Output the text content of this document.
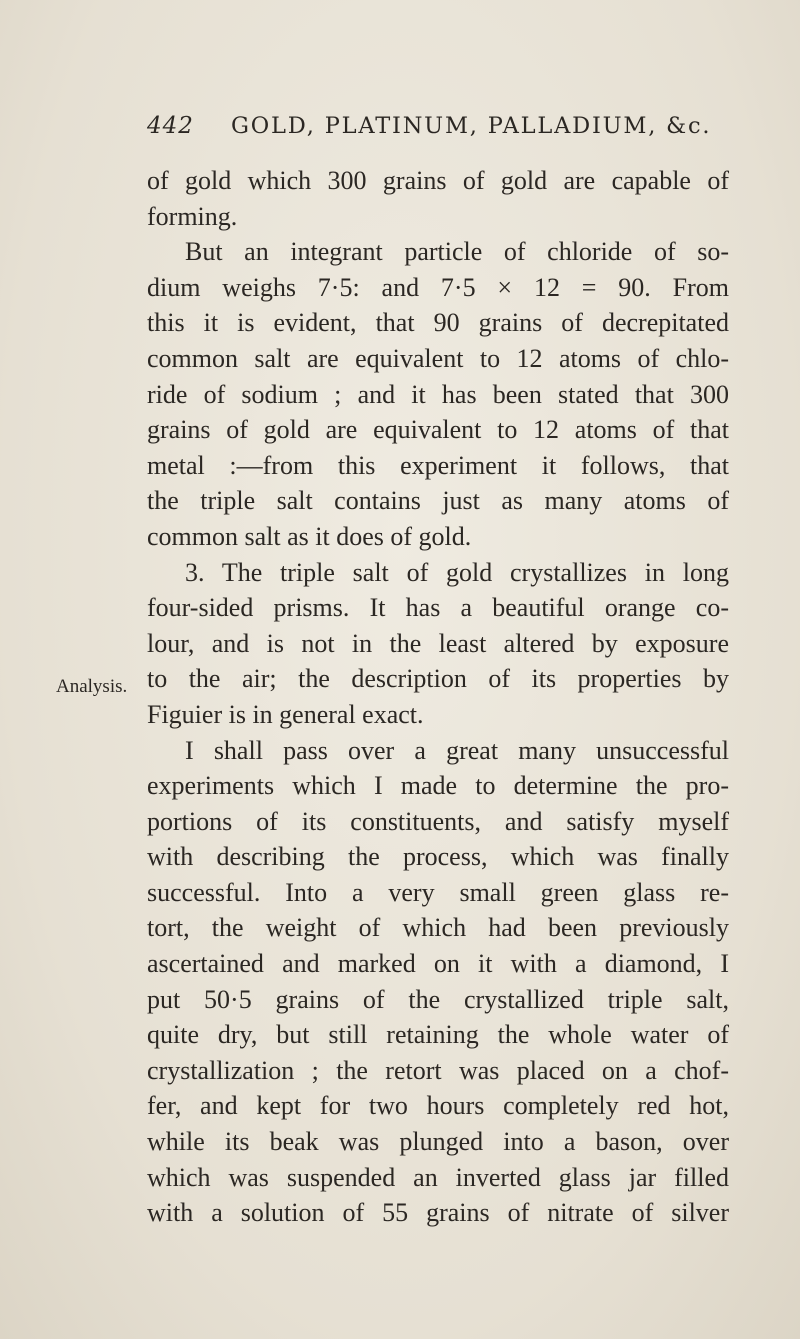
442 GOLD, PLATINUM, PALLADIUM, &c.
Analysis.
of gold which 300 grains of gold are capable of
forming.
But an integrant particle of chloride of so-
dium weighs 7·5: and 7·5 × 12 = 90. From
this it is evident, that 90 grains of decrepitated
common salt are equivalent to 12 atoms of chlo-
ride of sodium ; and it has been stated that 300
grains of gold are equivalent to 12 atoms of that
metal :—from this experiment it follows, that
the triple salt contains just as many atoms of
common salt as it does of gold.
3. The triple salt of gold crystallizes in long
four-sided prisms. It has a beautiful orange co-
lour, and is not in the least altered by exposure
to the air; the description of its properties by
Figuier is in general exact.
I shall pass over a great many unsuccessful
experiments which I made to determine the pro-
portions of its constituents, and satisfy myself
with describing the process, which was finally
successful. Into a very small green glass re-
tort, the weight of which had been previously
ascertained and marked on it with a diamond, I
put 50·5 grains of the crystallized triple salt,
quite dry, but still retaining the whole water of
crystallization ; the retort was placed on a chof-
fer, and kept for two hours completely red hot,
while its beak was plunged into a bason, over
which was suspended an inverted glass jar filled
with a solution of 55 grains of nitrate of silver
